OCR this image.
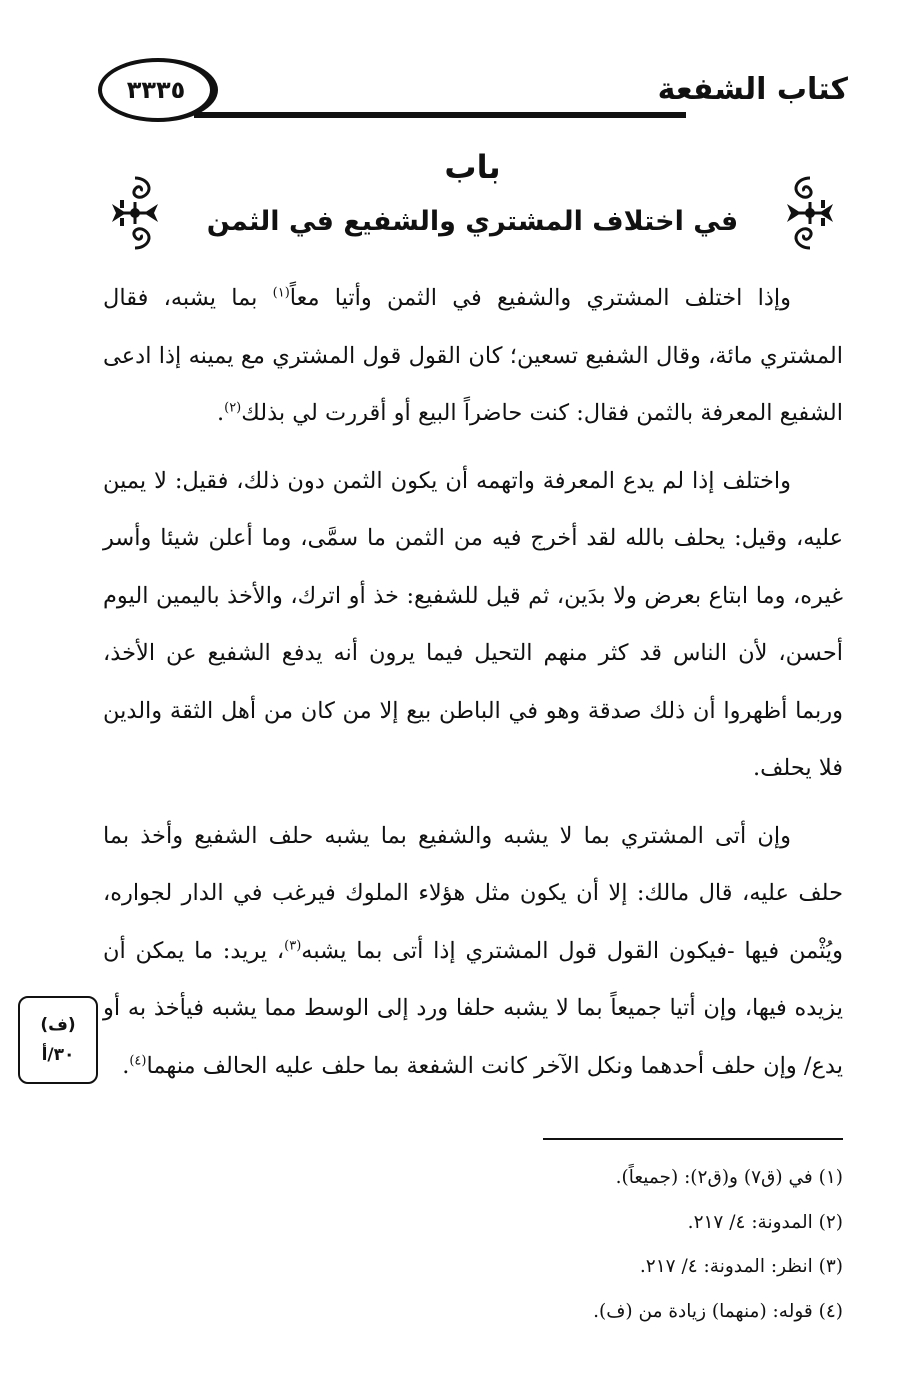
كتاب الشفعة
٣٣٣٥
باب
في اختلاف المشتري والشفيع في الثمن

وإذا اختلف المشتري والشفيع في الثمن وأتيا معاً$^{(١)}$ بما يشبه، فقال المشتري مائة، وقال الشفيع تسعين؛ كان القول قول المشتري مع يمينه إذا ادعى الشفيع المعرفة بالثمن فقال: كنت حاضراً البيع أو أقررت لي بذلك$^{(٢)}$.

واختلف إذا لم يدع المعرفة واتهمه أن يكون الثمن دون ذلك، فقيل: لا يمين عليه، وقيل: يحلف بالله لقد أخرج فيه من الثمن ما سمَّى، وما أعلن شيئا وأسر غيره، وما ابتاع بعرض ولا بدَين، ثم قيل للشفيع: خذ أو اترك، والأخذ باليمين اليوم أحسن، لأن الناس قد كثر منهم التحيل فيما يرون أنه يدفع الشفيع عن الأخذ، وربما أظهروا أن ذلك صدقة وهو في الباطن بيع إلا من كان من أهل الثقة والدين فلا يحلف.

وإن أتى المشتري بما لا يشبه والشفيع بما يشبه حلف الشفيع وأخذ بما حلف عليه، قال مالك: إلا أن يكون مثل هؤلاء الملوك فيرغب في الدار لجواره، ويُثْمن فيها -فيكون القول قول المشتري إذا أتى بما يشبه$^{(٣)}$، يريد: ما يمكن أن يزيده فيها، وإن أتيا جميعاً بما لا يشبه حلفا ورد إلى الوسط مما يشبه فيأخذ به أو يدع/ وإن حلف أحدهما ونكل الآخر كانت الشفعة بما حلف عليه الحالف منهما$^{(٤)}$.

(ف)
٣٠/أ
(١) في (ق٧) و(ق٢): (جميعاً).
(٢) المدونة: ٤/ ٢١٧.
(٣) انظر: المدونة: ٤/ ٢١٧.
(٤) قوله: (منهما) زيادة من (ف).
